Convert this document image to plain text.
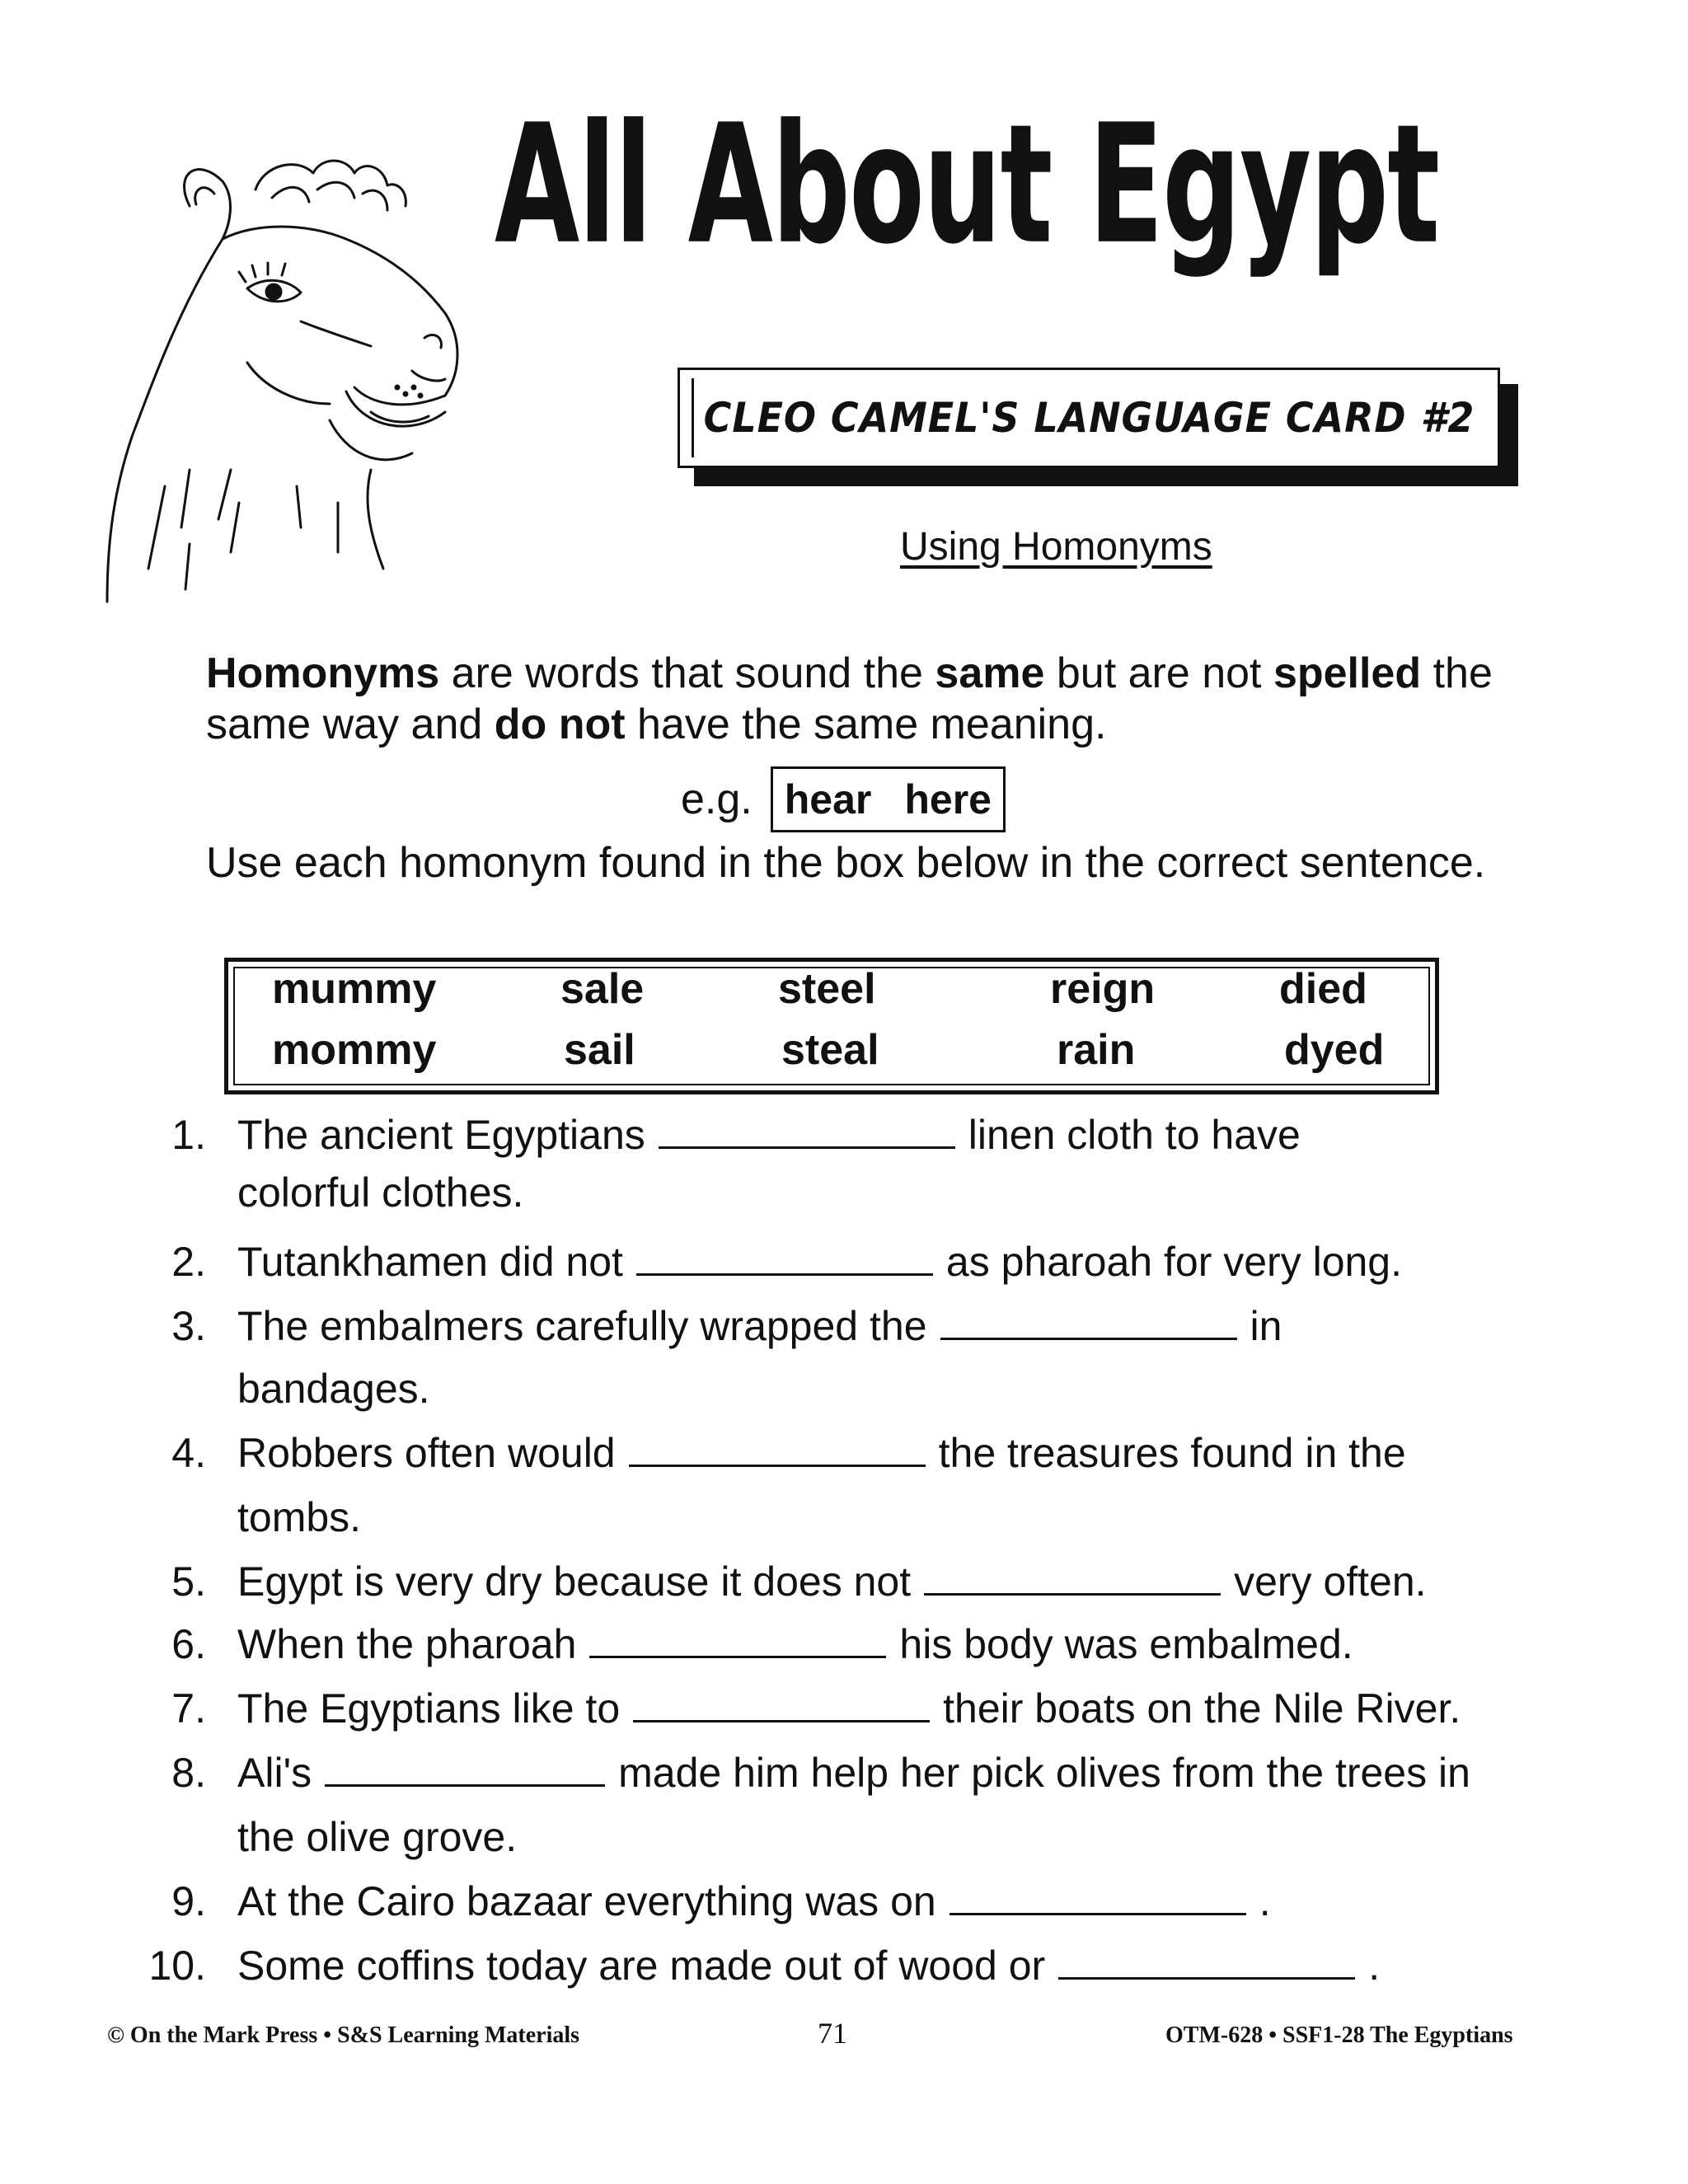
All About Egypt
CLEO CAMEL'S LANGUAGE CARD #2
Using Homonyms
Homonyms are words that sound the same but are not spelled the same way and do not have the same meaning.
e.g. hear here
Use each homonym found in the box below in the correct sentence.
mummy	sale	steel	reign	died
mommy	sail	steal	rain	dyed
1. The ancient Egyptians	linen cloth to have
colorful clothes.
2. Tutankhamen did not	as pharoah for very long.
3. The embalmers carefully wrapped the	in
bandages.
4. Robbers often would	the treasures found in the
tombs.
5. Egypt is very dry because it does not	very often.
6. When the pharoah	his body was embalmed.
7. The Egyptians like to	their boats on the Nile River.
8. Ali's	made him help her pick olives from the trees in
the olive grove.
9. At the Cairo bazaar everything was on	.
10. Some coffins today are made out of wood or	.
© On the Mark Press • S&S Learning Materials	71	OTM-628 • SSF1-28 The Egyptians
